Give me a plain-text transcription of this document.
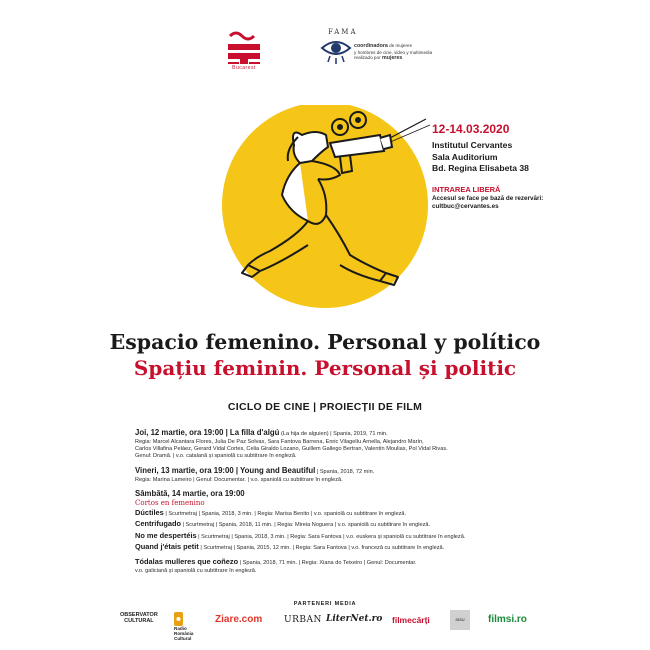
Bucarest
FAMA
coordinadora de mujeres
y hombres de cine, video y multimedia
realizado por mujeres
12-14.03.2020
Institutul Cervantes
Sala Auditorium
Bd. Regina Elisabeta 38
INTRAREA LIBERĂ
Accesul se face pe bază de rezervări:
cultbuc@cervantes.es
Espacio femenino. Personal y político
Spațiu feminin. Personal și politic
CICLO DE CINE | PROIECȚII DE FILM
Joi, 12 martie, ora 19:00 | La filla d'algú (La hija de alguien) | Spania, 2019, 71 min.
Regia: Marcel Alcantara Flores, Julia De Paz Solvas, Sara Fantova Barrena, Enric Vilagelíu Arnella, Alejandro Marín,
Carlos Villafina Peláez, Gerard Vidal Cortes, Celia Giraldo Lozano, Guillem Gallego Bertran, Valentín Moulias, Pol Vidal Rivas.
Genul: Dramă. | v.o. catalană și spaniolă cu subtitrare în engleză.
Vineri, 13 martie, ora 19:00 | Young and Beautiful | Spania, 2018, 72 min.
Regia: Marina Lameiro | Genul: Documentar. | v.o. spaniolă cu subtitrare în engleză.
Sâmbătă, 14 martie, ora 19:00
Cortos en femenino
Dúctiles | Scurtmetraj | Spania, 2018, 3 min. | Regia: Marisa Benito | v.o. spaniolă cu subtitrare în engleză.
Centrifugado | Scurtmetraj | Spania, 2018, 11 min. | Regia: Mireia Noguera | v.o. spaniolă cu subtitrare în engleză.
No me despertéis | Scurtmetraj | Spania, 2018, 3 min. | Regia: Sara Fantova | v.o. euskera și spaniolă cu subtitrare în engleză.
Quand j'étais petit | Scurtmetraj | Spania, 2015, 12 min. | Regia: Sara Fantova | v.o. franceză cu subtitrare în engleză.
Tódalas mulleres que coñezo | Spania, 2018, 71 min. | Regia: Xiana do Teixeiro | Genul: Documentar.
v.o. galiciană și spaniolă cu subtitrare în engleză.
PARTENERI MEDIA
OBSERVATOR
CULTURAL
Radio
România
Cultural
Ziare.com URBAN LiterNet.ro filmecărți	SISU	filmsi.ro
